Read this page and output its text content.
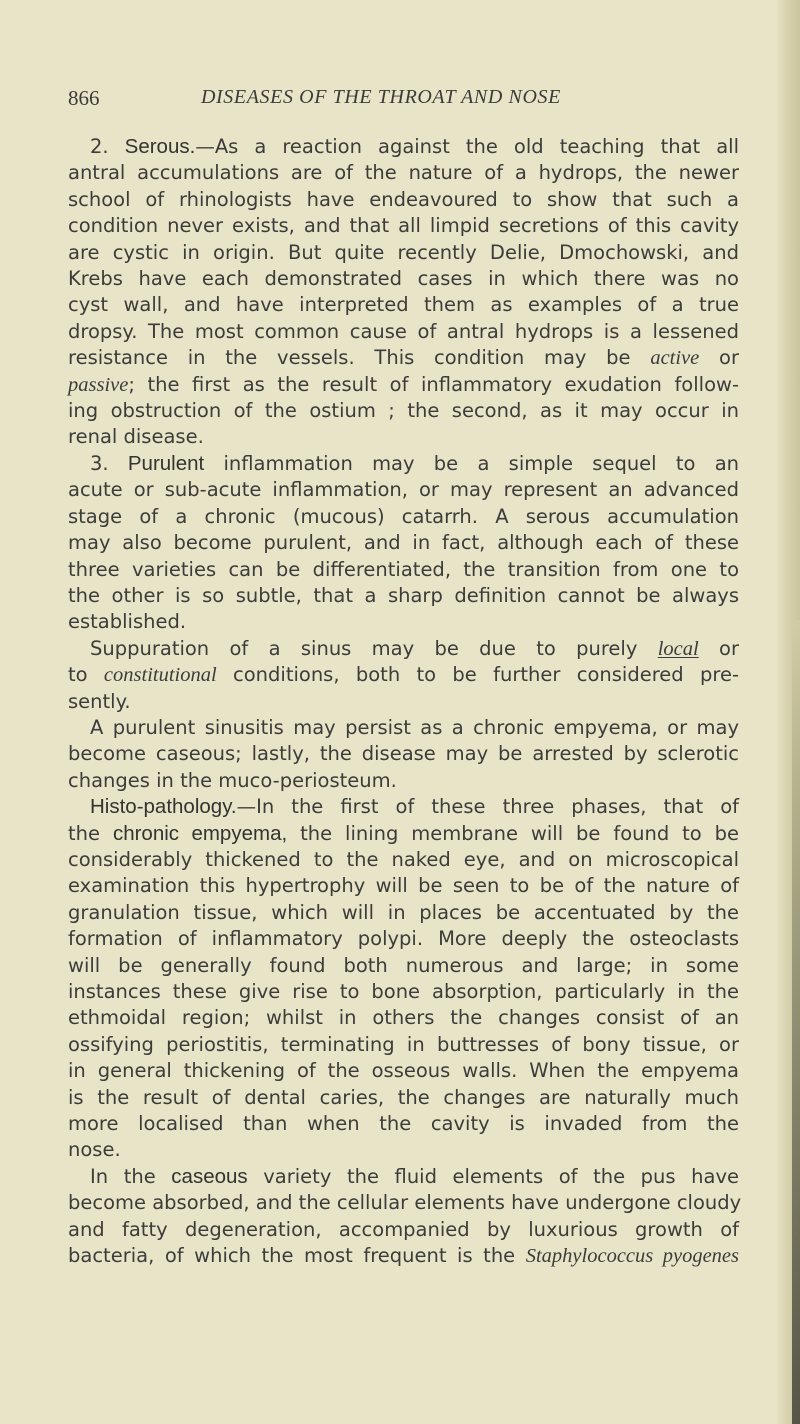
866	DISEASES OF THE THROAT AND NOSE

2. Serous.—As a reaction against the old teaching that all
antral accumulations are of the nature of a hydrops, the newer
school of rhinologists have endeavoured to show that such a
condition never exists, and that all limpid secretions of this cavity
are cystic in origin. But quite recently Delie, Dmochowski, and
Krebs have each demonstrated cases in which there was no
cyst wall, and have interpreted them as examples of a true
dropsy. The most common cause of antral hydrops is a lessened
resistance in the vessels. This condition may be active or
passive; the first as the result of inflammatory exudation follow-
ing obstruction of the ostium ; the second, as it may occur in
renal disease.

3. Purulent inflammation may be a simple sequel to an
acute or sub-acute inflammation, or may represent an advanced
stage of a chronic (mucous) catarrh. A serous accumulation
may also become purulent, and in fact, although each of these
three varieties can be differentiated, the transition from one to
the other is so subtle, that a sharp definition cannot be always
established.

Suppuration of a sinus may be due to purely local or
to constitutional conditions, both to be further considered pre-
sently.

A purulent sinusitis may persist as a chronic empyema, or may
become caseous; lastly, the disease may be arrested by sclerotic
changes in the muco-periosteum.

Histo-pathology.—In the first of these three phases, that of
the chronic empyema, the lining membrane will be found to be
considerably thickened to the naked eye, and on microscopical
examination this hypertrophy will be seen to be of the nature of
granulation tissue, which will in places be accentuated by the
formation of inflammatory polypi. More deeply the osteoclasts
will be generally found both numerous and large; in some
instances these give rise to bone absorption, particularly in the
ethmoidal region; whilst in others the changes consist of an
ossifying periostitis, terminating in buttresses of bony tissue, or
in general thickening of the osseous walls. When the empyema
is the result of dental caries, the changes are naturally much
more localised than when the cavity is invaded from the
nose.

In the caseous variety the fluid elements of the pus have
become absorbed, and the cellular elements have undergone cloudy
and fatty degeneration, accompanied by luxurious growth of
bacteria, of which the most frequent is the Staphylococcus pyogenes
